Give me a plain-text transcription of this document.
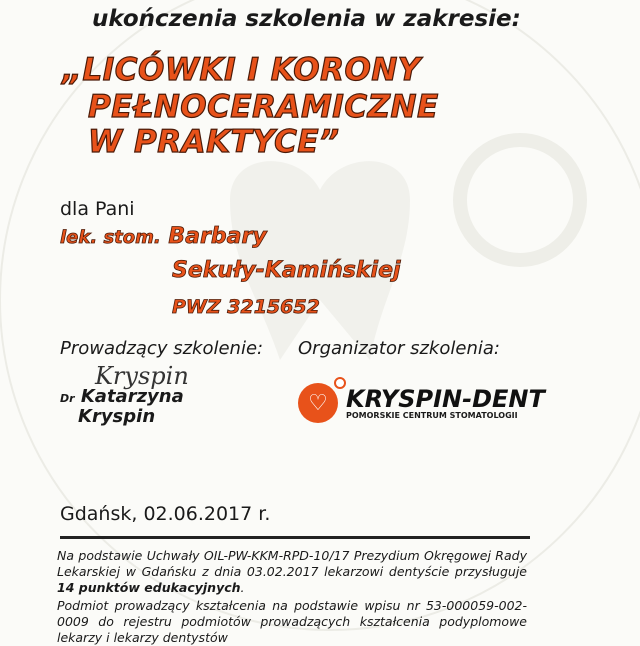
ukończenia szkolenia w zakresie:
„LICÓWKI I KORONY
PEŁNOCERAMICZNE
W PRAKTYCE”
dla Pani
lek. stom. Barbary
Sekuły-Kamińskiej
PWZ 3215652
Prowadzący szkolenie: Organizator szkolenia:
Kryspin
Dr Katarzyna
Kryspin
♡ KRYSPIN-DENT
POMORSKIE CENTRUM STOMATOLOGII
Gdańsk, 02.06.2017 r.
Na podstawie Uchwały OIL-PW-KKM-RPD-10/17 Prezydium Okręgowej Rady Lekarskiej w Gdańsku z dnia 03.02.2017 lekarzowi dentyście przysługuje 14 punktów edukacyjnych.
Podmiot prowadzący kształcenia na podstawie wpisu nr 53-000059-002-0009 do rejestru podmiotów prowadzących kształcenia podyplomowe lekarzy i lekarzy dentystów
